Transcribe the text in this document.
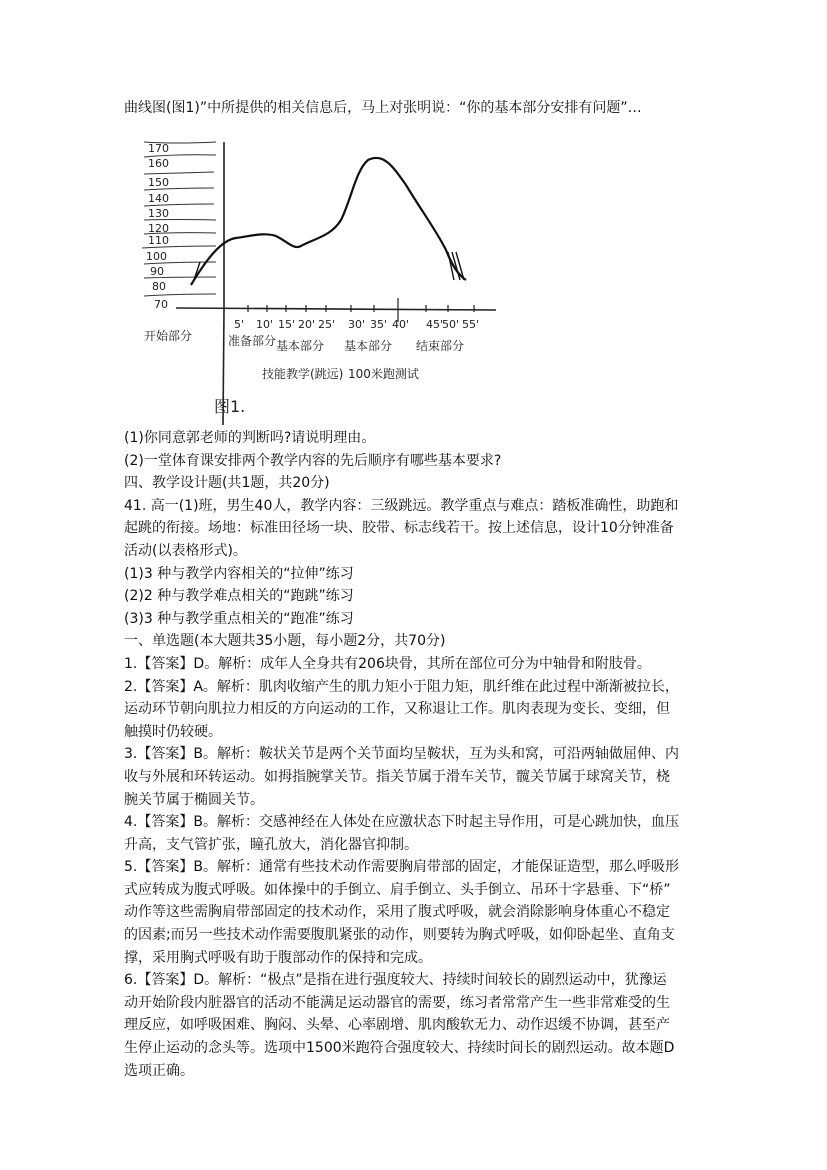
曲线图(图1)”中所提供的相关信息后，马上对张明说：“你的基本部分安排有问题”…
170
160
150
140
130
120
110
100
90
80
70
5' 10' 15' 20' 25' 30' 35' 40' 45'
50' 55'
开始部分	准备部分 基本部分 基本部分 结束部分
技能教学(跳远) 100米跑测试
图1.
(1)你同意郭老师的判断吗?请说明理由。
(2)一堂体育课安排两个教学内容的先后顺序有哪些基本要求?
四、教学设计题(共1题，共20分)
41. 高一(1)班，男生40人，教学内容：三级跳远。教学重点与难点：踏板准确性，助跑和
起跳的衔接。场地：标准田径场一块、胶带、标志线若干。按上述信息，设计10分钟准备
活动(以表格形式)。
(1)3 种与教学内容相关的“拉伸”练习
(2)2 种与教学难点相关的“跑跳”练习
(3)3 种与教学重点相关的“跑准”练习
一、单选题(本大题共35小题，每小题2分，共70分)
1.【答案】D。解析：成年人全身共有206块骨，其所在部位可分为中轴骨和附肢骨。
2.【答案】A。解析：肌肉收缩产生的肌力矩小于阻力矩，肌纤维在此过程中渐渐被拉长，
运动环节朝向肌拉力相反的方向运动的工作，又称退让工作。肌肉表现为变长、变细，但
触摸时仍较硬。
3.【答案】B。解析：鞍状关节是两个关节面均呈鞍状，互为头和窝，可沿两轴做屈伸、内
收与外展和环转运动。如拇指腕掌关节。指关节属于滑车关节，髋关节属于球窝关节，桡
腕关节属于椭圆关节。
4.【答案】B。解析：交感神经在人体处在应激状态下时起主导作用，可是心跳加快，血压
升高，支气管扩张，瞳孔放大，消化器官抑制。
5.【答案】B。解析：通常有些技术动作需要胸肩带部的固定，才能保证造型，那么呼吸形
式应转成为腹式呼吸。如体操中的手倒立、肩手倒立、头手倒立、吊环十字悬垂、下“桥”
动作等这些需胸肩带部固定的技术动作，采用了腹式呼吸，就会消除影响身体重心不稳定
的因素;而另一些技术动作需要腹肌紧张的动作，则要转为胸式呼吸，如仰卧起坐、直角支
撑，采用胸式呼吸有助于腹部动作的保持和完成。
6.【答案】D。解析：“极点”是指在进行强度较大、持续时间较长的剧烈运动中，犹豫运
动开始阶段内脏器官的活动不能满足运动器官的需要，练习者常常产生一些非常难受的生
理反应，如呼吸困难、胸闷、头晕、心率剧增、肌肉酸软无力、动作迟缓不协调，甚至产
生停止运动的念头等。选项中1500米跑符合强度较大、持续时间长的剧烈运动。故本题D
选项正确。
